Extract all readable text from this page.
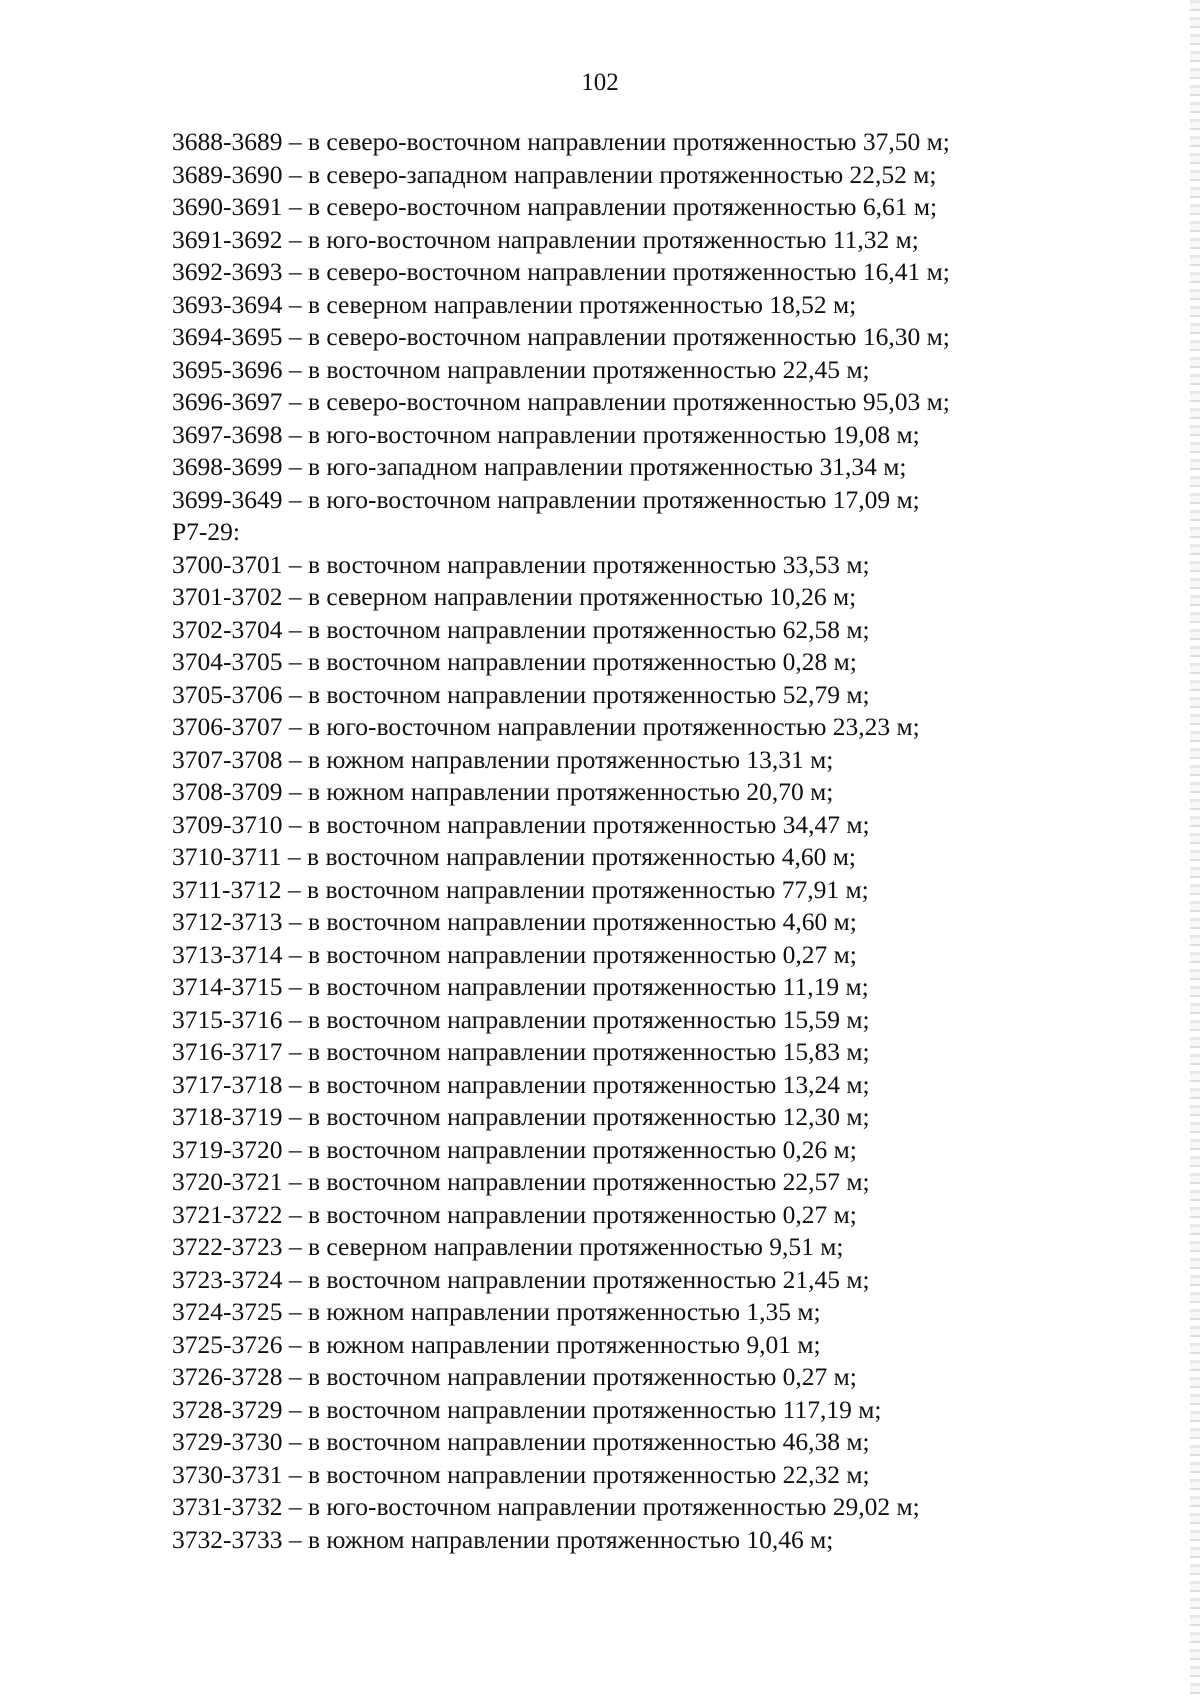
102
3688-3689 – в северо-восточном направлении протяженностью 37,50 м;
3689-3690 – в северо-западном направлении протяженностью 22,52 м;
3690-3691 – в северо-восточном направлении протяженностью 6,61 м;
3691-3692 – в юго-восточном направлении протяженностью 11,32 м;
3692-3693 – в северо-восточном направлении протяженностью 16,41 м;
3693-3694 – в северном направлении протяженностью 18,52 м;
3694-3695 – в северо-восточном направлении протяженностью 16,30 м;
3695-3696 – в восточном направлении протяженностью 22,45 м;
3696-3697 – в северо-восточном направлении протяженностью 95,03 м;
3697-3698 – в юго-восточном направлении протяженностью 19,08 м;
3698-3699 – в юго-западном направлении протяженностью 31,34 м;
3699-3649 – в юго-восточном направлении протяженностью 17,09 м;
Р7-29:
3700-3701 – в восточном направлении протяженностью 33,53 м;
3701-3702 – в северном направлении протяженностью 10,26 м;
3702-3704 – в восточном направлении протяженностью 62,58 м;
3704-3705 – в восточном направлении протяженностью 0,28 м;
3705-3706 – в восточном направлении протяженностью 52,79 м;
3706-3707 – в юго-восточном направлении протяженностью 23,23 м;
3707-3708 – в южном направлении протяженностью 13,31 м;
3708-3709 – в южном направлении протяженностью 20,70 м;
3709-3710 – в восточном направлении протяженностью 34,47 м;
3710-3711 – в восточном направлении протяженностью 4,60 м;
3711-3712 – в восточном направлении протяженностью 77,91 м;
3712-3713 – в восточном направлении протяженностью 4,60 м;
3713-3714 – в восточном направлении протяженностью 0,27 м;
3714-3715 – в восточном направлении протяженностью 11,19 м;
3715-3716 – в восточном направлении протяженностью 15,59 м;
3716-3717 – в восточном направлении протяженностью 15,83 м;
3717-3718 – в восточном направлении протяженностью 13,24 м;
3718-3719 – в восточном направлении протяженностью 12,30 м;
3719-3720 – в восточном направлении протяженностью 0,26 м;
3720-3721 – в восточном направлении протяженностью 22,57 м;
3721-3722 – в восточном направлении протяженностью 0,27 м;
3722-3723 – в северном направлении протяженностью 9,51 м;
3723-3724 – в восточном направлении протяженностью 21,45 м;
3724-3725 – в южном направлении протяженностью 1,35 м;
3725-3726 – в южном направлении протяженностью 9,01 м;
3726-3728 – в восточном направлении протяженностью 0,27 м;
3728-3729 – в восточном направлении протяженностью 117,19 м;
3729-3730 – в восточном направлении протяженностью 46,38 м;
3730-3731 – в восточном направлении протяженностью 22,32 м;
3731-3732 – в юго-восточном направлении протяженностью 29,02 м;
3732-3733 – в южном направлении протяженностью 10,46 м;
